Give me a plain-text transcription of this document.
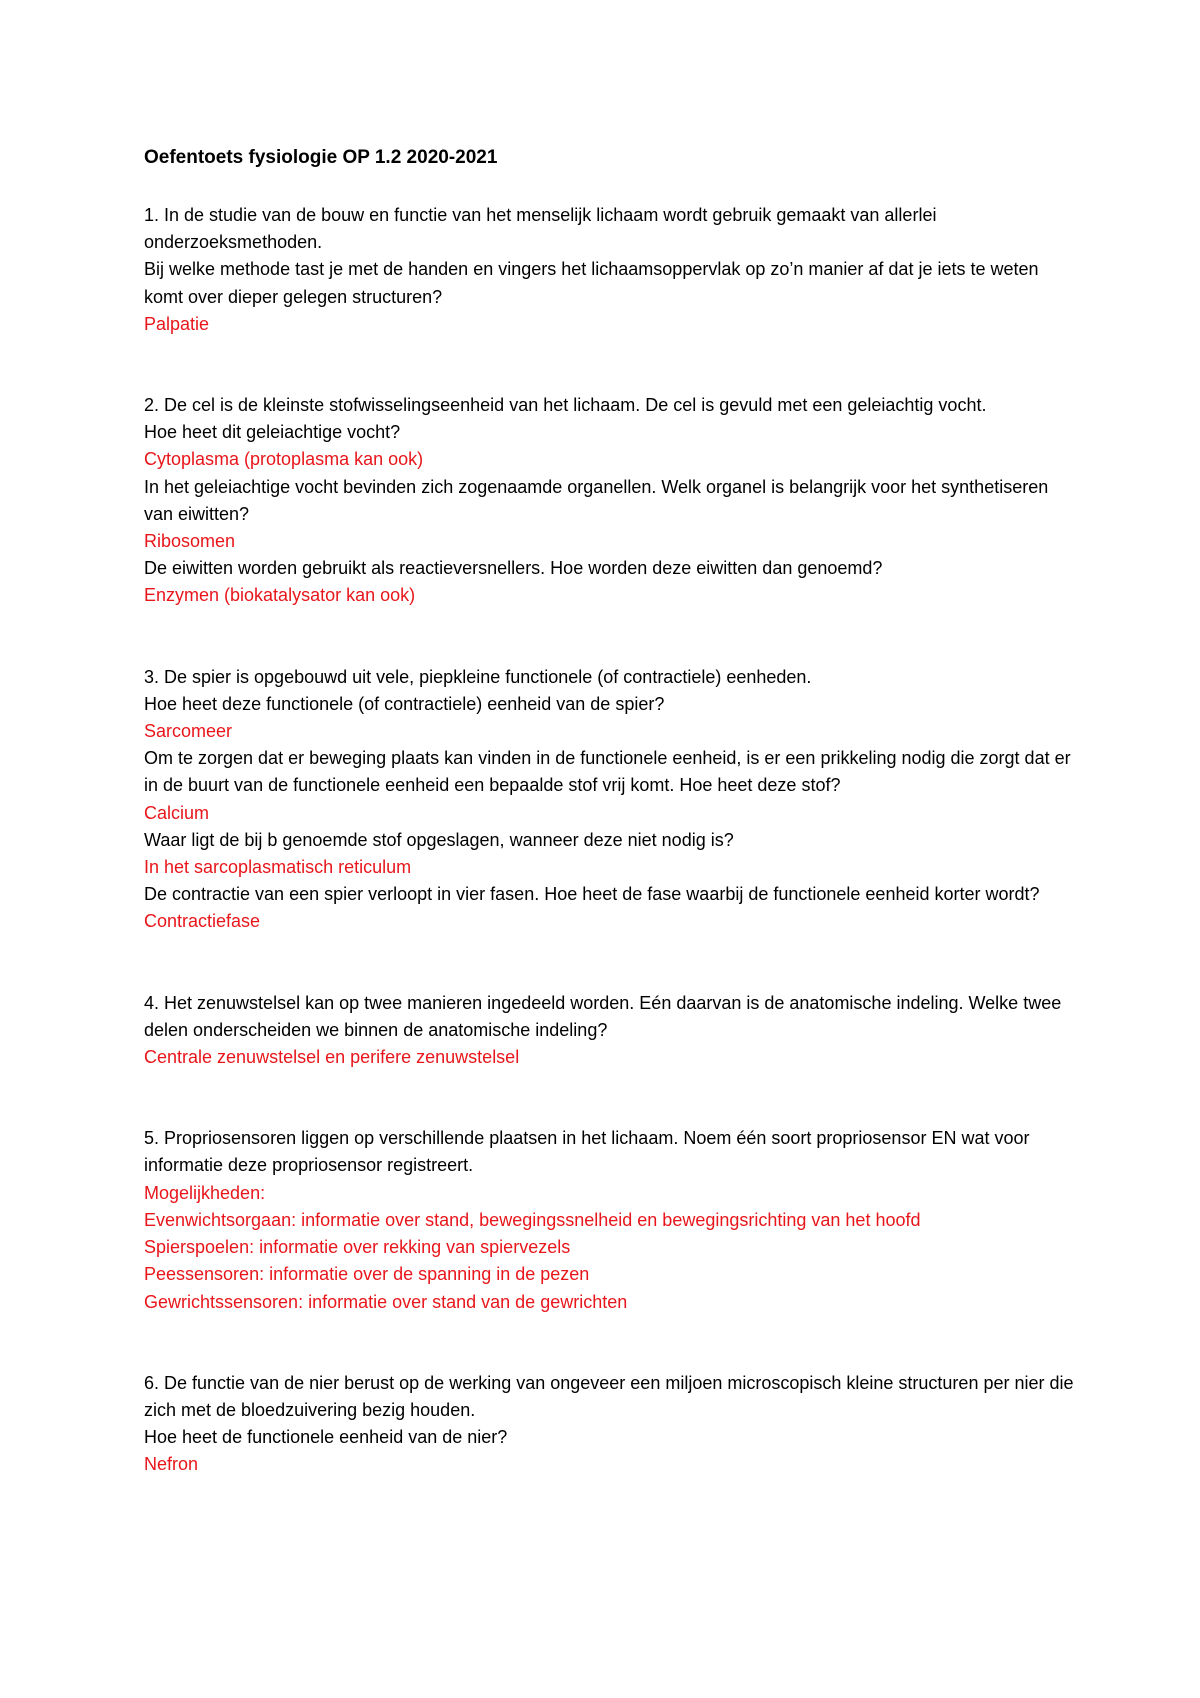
Oefentoets fysiologie OP 1.2 2020-2021

1. In de studie van de bouw en functie van het menselijk lichaam wordt gebruik gemaakt van allerlei onderzoeksmethoden.

Bij welke methode tast je met de handen en vingers het lichaamsoppervlak op zo’n manier af dat je iets te weten komt over dieper gelegen structuren?

Palpatie

2. De cel is de kleinste stofwisselingseenheid van het lichaam. De cel is gevuld met een geleiachtig vocht.

Hoe heet dit geleiachtige vocht?

Cytoplasma (protoplasma kan ook)

In het geleiachtige vocht bevinden zich zogenaamde organellen. Welk organel is belangrijk voor het synthetiseren van eiwitten?

Ribosomen

De eiwitten worden gebruikt als reactieversnellers. Hoe worden deze eiwitten dan genoemd?

Enzymen (biokatalysator kan ook)

3. De spier is opgebouwd uit vele, piepkleine functionele (of contractiele) eenheden.

Hoe heet deze functionele (of contractiele) eenheid van de spier?

Sarcomeer

Om te zorgen dat er beweging plaats kan vinden in de functionele eenheid, is er een prikkeling nodig die zorgt dat er in de buurt van de functionele eenheid een bepaalde stof vrij komt. Hoe heet deze stof?

Calcium

Waar ligt de bij b genoemde stof opgeslagen, wanneer deze niet nodig is?

In het sarcoplasmatisch reticulum

De contractie van een spier verloopt in vier fasen. Hoe heet de fase waarbij de functionele eenheid korter wordt?

Contractiefase

4. Het zenuwstelsel kan op twee manieren ingedeeld worden. Eén daarvan is de anatomische indeling. Welke twee delen onderscheiden we binnen de anatomische indeling?

Centrale zenuwstelsel en perifere zenuwstelsel

5. Propriosensoren liggen op verschillende plaatsen in het lichaam. Noem één soort propriosensor EN wat voor informatie deze propriosensor registreert.

Mogelijkheden:

Evenwichtsorgaan: informatie over stand, bewegingssnelheid en bewegingsrichting van het hoofd

Spierspoelen: informatie over rekking van spiervezels

Peessensoren: informatie over de spanning in de pezen

Gewrichtssensoren: informatie over stand van de gewrichten

6. De functie van de nier berust op de werking van ongeveer een miljoen microscopisch kleine structuren per nier die zich met de bloedzuivering bezig houden.

Hoe heet de functionele eenheid van de nier?

Nefron
